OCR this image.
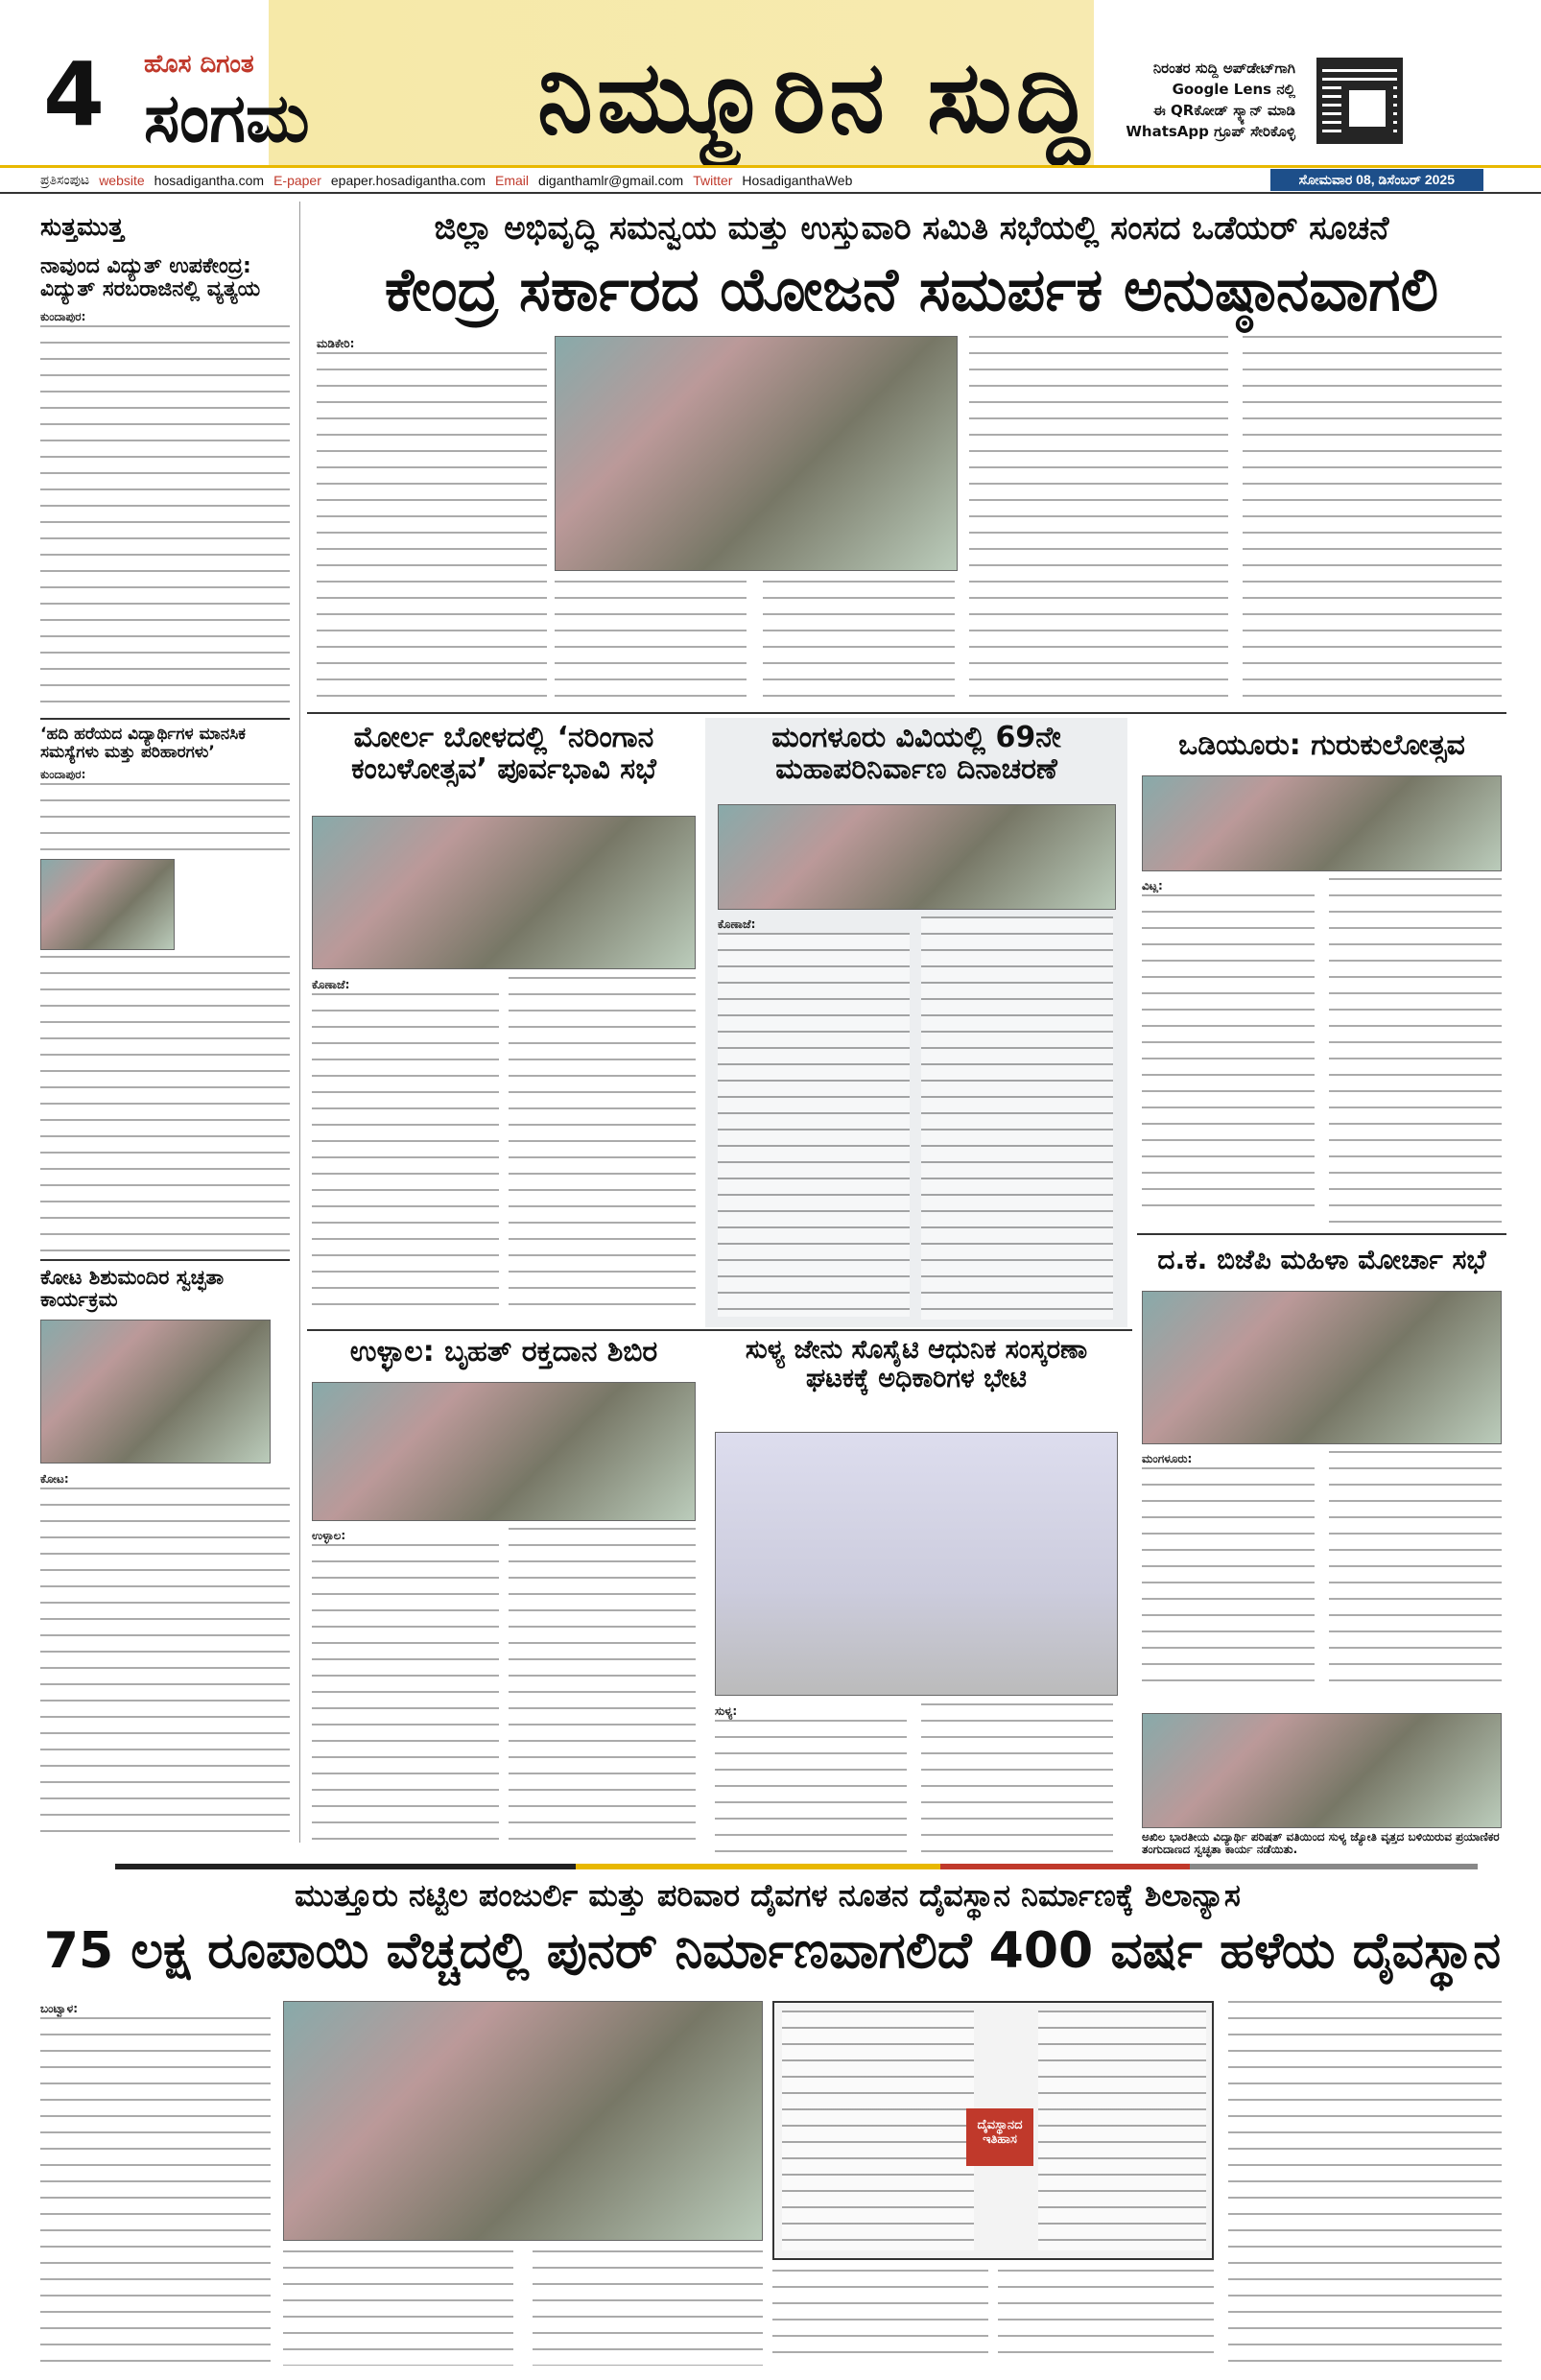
4 ಹೊಸ ದಿಗಂತ
ಸಂಗಮ ನಿಮ್ಮೂರಿನ ಸುದ್ದಿ	ನಿರಂತರ ಸುದ್ದಿ ಅಪ್‌ಡೇಟ್‌ಗಾಗಿ
Google Lens ನಲ್ಲಿ
ಈ QRಕೋಡ್ ಸ್ಕ್ಯಾನ್ ಮಾಡಿ
WhatsApp ಗ್ರೂಪ್ ಸೇರಿಕೊಳ್ಳಿ
ಪ್ರತಿಸಂಪುಟ website hosadigantha.com E-paper epaper.hosadigantha.com Email diganthamlr@gmail.com Twitter HosadiganthaWeb	ಸೋಮವಾರ 08, ಡಿಸೆಂಬರ್ 2025
ಸುತ್ತಮುತ್ತ
ನಾವುಂದ ವಿದ್ಯುತ್ ಉಪಕೇಂದ್ರ: ವಿದ್ಯುತ್ ಸರಬರಾಜಿನಲ್ಲಿ ವ್ಯತ್ಯಯ
ಕುಂದಾಪುರ:
‘ಹದಿ ಹರೆಯದ ವಿದ್ಯಾರ್ಥಿಗಳ ಮಾನಸಿಕ ಸಮಸ್ಯೆಗಳು ಮತ್ತು ಪರಿಹಾರಗಳು’
ಕುಂದಾಪುರ:
ಕೋಟ ಶಿಶುಮಂದಿರ ಸ್ವಚ್ಛತಾ ಕಾರ್ಯಕ್ರಮ
ಕೋಟ:
ಜಿಲ್ಲಾ ಅಭಿವೃದ್ಧಿ ಸಮನ್ವಯ ಮತ್ತು ಉಸ್ತುವಾರಿ ಸಮಿತಿ ಸಭೆಯಲ್ಲಿ ಸಂಸದ ಒಡೆಯರ್ ಸೂಚನೆ
ಕೇಂದ್ರ ಸರ್ಕಾರದ ಯೋಜನೆ ಸಮರ್ಪಕ ಅನುಷ್ಠಾನವಾಗಲಿ
ಮಡಿಕೇರಿ:
ಮೋರ್ಲ ಬೋಳದಲ್ಲಿ ‘ನರಿಂಗಾನ ಕಂಬಳೋತ್ಸವ’ ಪೂರ್ವಭಾವಿ ಸಭೆ
ಕೊಣಾಜೆ:
ಮಂಗಳೂರು ವಿವಿಯಲ್ಲಿ 69ನೇ ಮಹಾಪರಿನಿರ್ವಾಣ ದಿನಾಚರಣೆ
ಕೊಣಾಜೆ:
ಒಡಿಯೂರು: ಗುರುಕುಲೋತ್ಸವ
ವಿಟ್ಲ:
ದ.ಕ. ಬಿಜೆಪಿ ಮಹಿಳಾ ಮೋರ್ಚಾ ಸಭೆ
ಮಂಗಳೂರು:
ಅಖಿಲ ಭಾರತೀಯ ವಿದ್ಯಾರ್ಥಿ ಪರಿಷತ್ ವತಿಯಿಂದ ಸುಳ್ಯ ಜ್ಯೋತಿ ವೃತ್ತದ ಬಳಿಯಿರುವ ಪ್ರಯಾಣಿಕರ ತಂಗುದಾಣದ ಸ್ವಚ್ಛತಾ ಕಾರ್ಯ ನಡೆಯಿತು.
ಉಳ್ಳಾಲ: ಬೃಹತ್ ರಕ್ತದಾನ ಶಿಬಿರ
ಉಳ್ಳಾಲ:
ಸುಳ್ಯ ಜೇನು ಸೊಸೈಟಿ ಆಧುನಿಕ ಸಂಸ್ಕರಣಾ ಘಟಕಕ್ಕೆ ಅಧಿಕಾರಿಗಳ ಭೇಟಿ
ಸುಳ್ಯ:
ಮುತ್ತೂರು ನಟ್ಟಿಲ ಪಂಜುರ್ಲಿ ಮತ್ತು ಪರಿವಾರ ದೈವಗಳ ನೂತನ ದೈವಸ್ಥಾನ ನಿರ್ಮಾಣಕ್ಕೆ ಶಿಲಾನ್ಯಾಸ
75 ಲಕ್ಷ ರೂಪಾಯಿ ವೆಚ್ಚದಲ್ಲಿ ಪುನರ್ ನಿರ್ಮಾಣವಾಗಲಿದೆ 400 ವರ್ಷ ಹಳೆಯ ದೈವಸ್ಥಾನ
ಬಂಟ್ವಾಳ:
ದೈವಸ್ಥಾನದ ಇತಿಹಾಸ
